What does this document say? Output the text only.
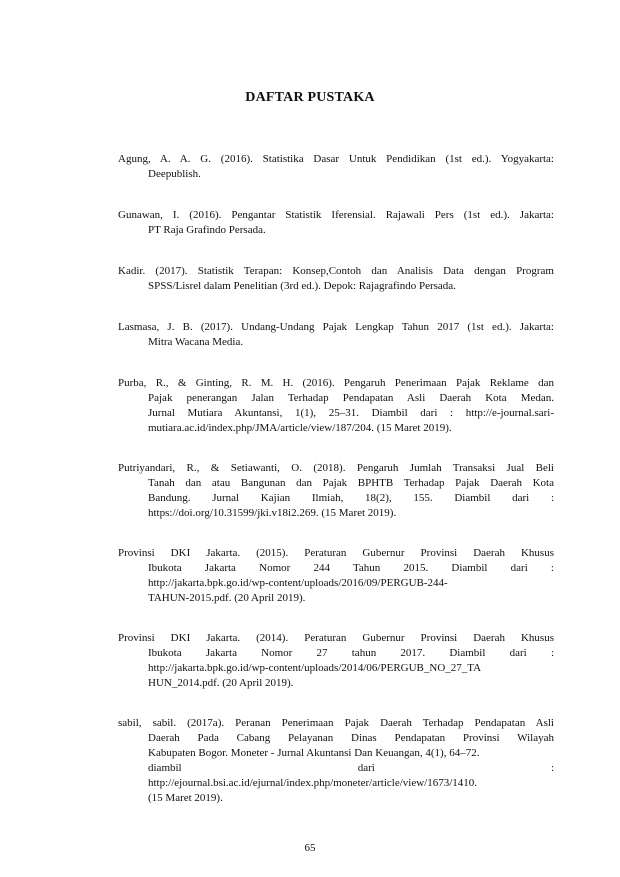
DAFTAR PUSTAKA
Agung, A. A. G. (2016). Statistika Dasar Untuk Pendidikan (1st ed.). Yogyakarta:
Deepublish.
Gunawan, I. (2016). Pengantar Statistik Iferensial. Rajawali Pers (1st ed.). Jakarta:
PT Raja Grafindo Persada.
Kadir. (2017). Statistik Terapan: Konsep,Contoh dan Analisis Data dengan Program
SPSS/Lisrel dalam Penelitian (3rd ed.). Depok: Rajagrafindo Persada.
Lasmasa, J. B. (2017). Undang-Undang Pajak Lengkap Tahun 2017 (1st ed.). Jakarta:
Mitra Wacana Media.
Purba, R., & Ginting, R. M. H. (2016). Pengaruh Penerimaan Pajak Reklame dan
Pajak penerangan Jalan Terhadap Pendapatan Asli Daerah Kota Medan.
Jurnal Mutiara Akuntansi, 1(1), 25–31. Diambil dari : http://e-journal.sari-
mutiara.ac.id/index.php/JMA/article/view/187/204. (15 Maret 2019).
Putriyandari, R., & Setiawanti, O. (2018). Pengaruh Jumlah Transaksi Jual Beli
Tanah dan atau Bangunan dan Pajak BPHTB Terhadap Pajak Daerah Kota
Bandung. Jurnal Kajian Ilmiah, 18(2), 155. Diambil dari :
https://doi.org/10.31599/jki.v18i2.269. (15 Maret 2019).
Provinsi DKI Jakarta. (2015). Peraturan Gubernur Provinsi Daerah Khusus
Ibukota Jakarta Nomor 244 Tahun 2015. Diambil dari :
http://jakarta.bpk.go.id/wp-content/uploads/2016/09/PERGUB-244-
TAHUN-2015.pdf. (20 April 2019).
Provinsi DKI Jakarta. (2014). Peraturan Gubernur Provinsi Daerah Khusus
Ibukota Jakarta Nomor 27 tahun 2017. Diambil dari :
http://jakarta.bpk.go.id/wp-content/uploads/2014/06/PERGUB_NO_27_TA
HUN_2014.pdf. (20 April 2019).
sabil, sabil. (2017a). Peranan Penerimaan Pajak Daerah Terhadap Pendapatan Asli
Daerah Pada Cabang Pelayanan Dinas Pendapatan Provinsi Wilayah
Kabupaten Bogor. Moneter - Jurnal Akuntansi Dan Keuangan, 4(1), 64–72.
diambil dari :
http://ejournal.bsi.ac.id/ejurnal/index.php/moneter/article/view/1673/1410.
(15 Maret 2019).
65
